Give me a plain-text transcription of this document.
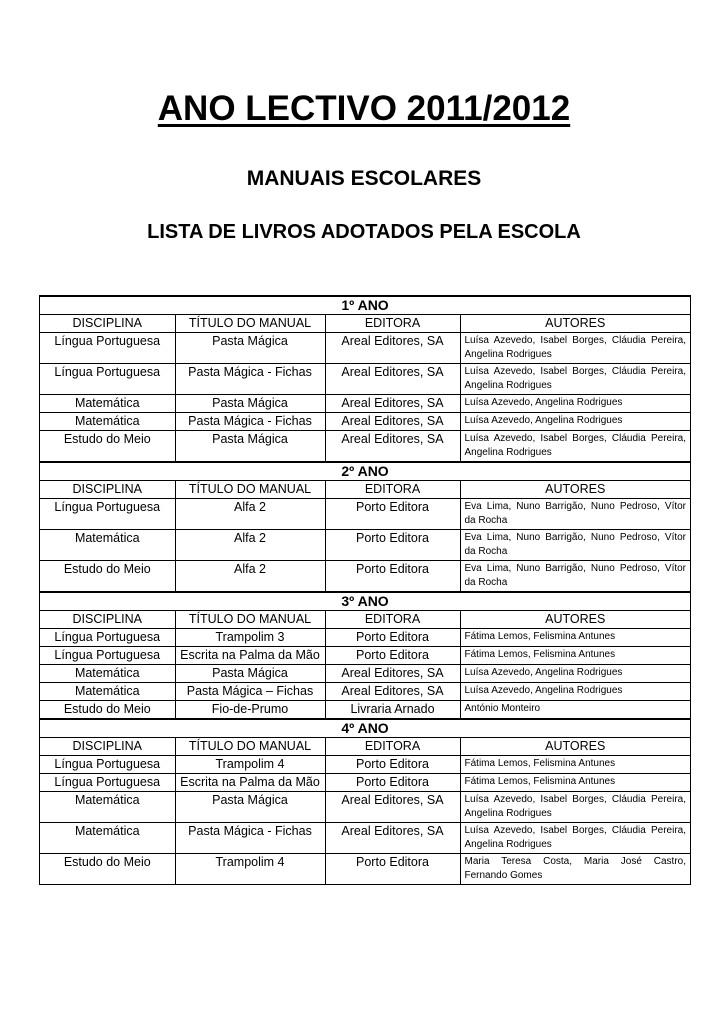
ANO LECTIVO 2011/2012
MANUAIS ESCOLARES
LISTA DE LIVROS ADOTADOS PELA ESCOLA
1º ANO			
DISCIPLINA	TÍTULO DO MANUAL	EDITORA	AUTORES
Língua Portuguesa	Pasta Mágica	Areal Editores, SA	Luísa Azevedo, Isabel Borges, Cláudia Pereira, Angelina Rodrigues
Língua Portuguesa	Pasta Mágica - Fichas	Areal Editores, SA	Luísa Azevedo, Isabel Borges, Cláudia Pereira, Angelina Rodrigues
Matemática	Pasta Mágica	Areal Editores, SA	Luísa Azevedo, Angelina Rodrigues
Matemática	Pasta Mágica - Fichas	Areal Editores, SA	Luísa Azevedo, Angelina Rodrigues
Estudo do Meio	Pasta Mágica	Areal Editores, SA	Luísa Azevedo, Isabel Borges, Cláudia Pereira, Angelina Rodrigues
2º ANO			
DISCIPLINA	TÍTULO DO MANUAL	EDITORA	AUTORES
Língua Portuguesa	Alfa 2	Porto Editora	Eva Lima, Nuno Barrigão, Nuno Pedroso, Vítor da Rocha
Matemática	Alfa 2	Porto Editora	Eva Lima, Nuno Barrigão, Nuno Pedroso, Vítor da Rocha
Estudo do Meio	Alfa 2	Porto Editora	Eva Lima, Nuno Barrigão, Nuno Pedroso, Vítor da Rocha
3º ANO			
DISCIPLINA	TÍTULO DO MANUAL	EDITORA	AUTORES
Língua Portuguesa	Trampolim 3	Porto Editora	Fátima Lemos, Felismina Antunes
Língua Portuguesa	Escrita na Palma da Mão	Porto Editora	Fátima Lemos, Felismina Antunes
Matemática	Pasta Mágica	Areal Editores, SA	Luísa Azevedo, Angelina Rodrigues
Matemática	Pasta Mágica – Fichas	Areal Editores, SA	Luísa Azevedo, Angelina Rodrigues
Estudo do Meio	Fio-de-Prumo	Livraria Arnado	António Monteiro
4º ANO			
DISCIPLINA	TÍTULO DO MANUAL	EDITORA	AUTORES
Língua Portuguesa	Trampolim 4	Porto Editora	Fátima Lemos, Felismina Antunes
Língua Portuguesa	Escrita na Palma da Mão	Porto Editora	Fátima Lemos, Felismina Antunes
Matemática	Pasta Mágica	Areal Editores, SA	Luísa Azevedo, Isabel Borges, Cláudia Pereira, Angelina Rodrigues
Matemática	Pasta Mágica - Fichas	Areal Editores, SA	Luísa Azevedo, Isabel Borges, Cláudia Pereira, Angelina Rodrigues
Estudo do Meio	Trampolim 4	Porto Editora	Maria Teresa Costa, Maria José Castro, Fernando Gomes
